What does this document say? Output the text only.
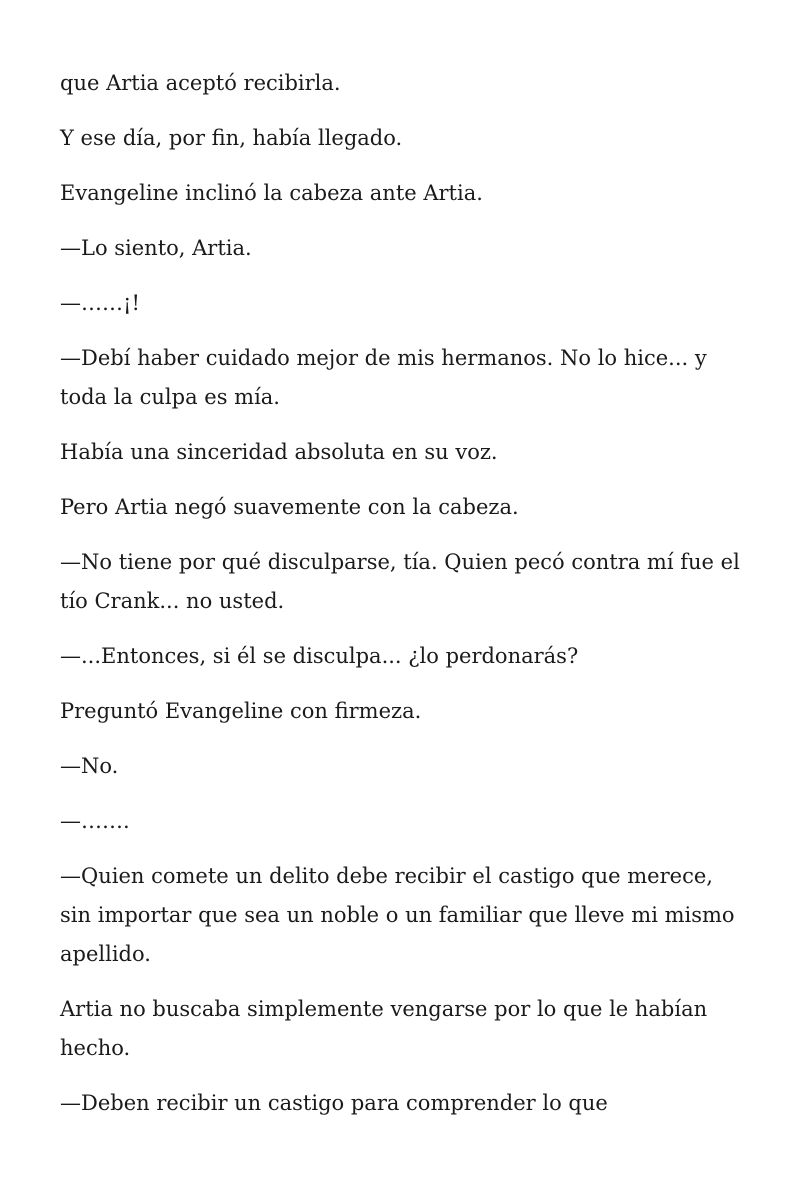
que Artia aceptó recibirla.

Y ese día, por fin, había llegado.

Evangeline inclinó la cabeza ante Artia.

—Lo siento, Artia.

—……¡!

—Debí haber cuidado mejor de mis hermanos. No lo hice... y toda la culpa es mía.

Había una sinceridad absoluta en su voz.

Pero Artia negó suavemente con la cabeza.

—No tiene por qué disculparse, tía. Quien pecó contra mí fue el tío Crank... no usted.

—...Entonces, si él se disculpa... ¿lo perdonarás?

Preguntó Evangeline con firmeza.

—No.

—…….

—Quien comete un delito debe recibir el castigo que merece, sin importar que sea un noble o un familiar que lleve mi mismo apellido.

Artia no buscaba simplemente vengarse por lo que le habían hecho.

—Deben recibir un castigo para comprender lo que
